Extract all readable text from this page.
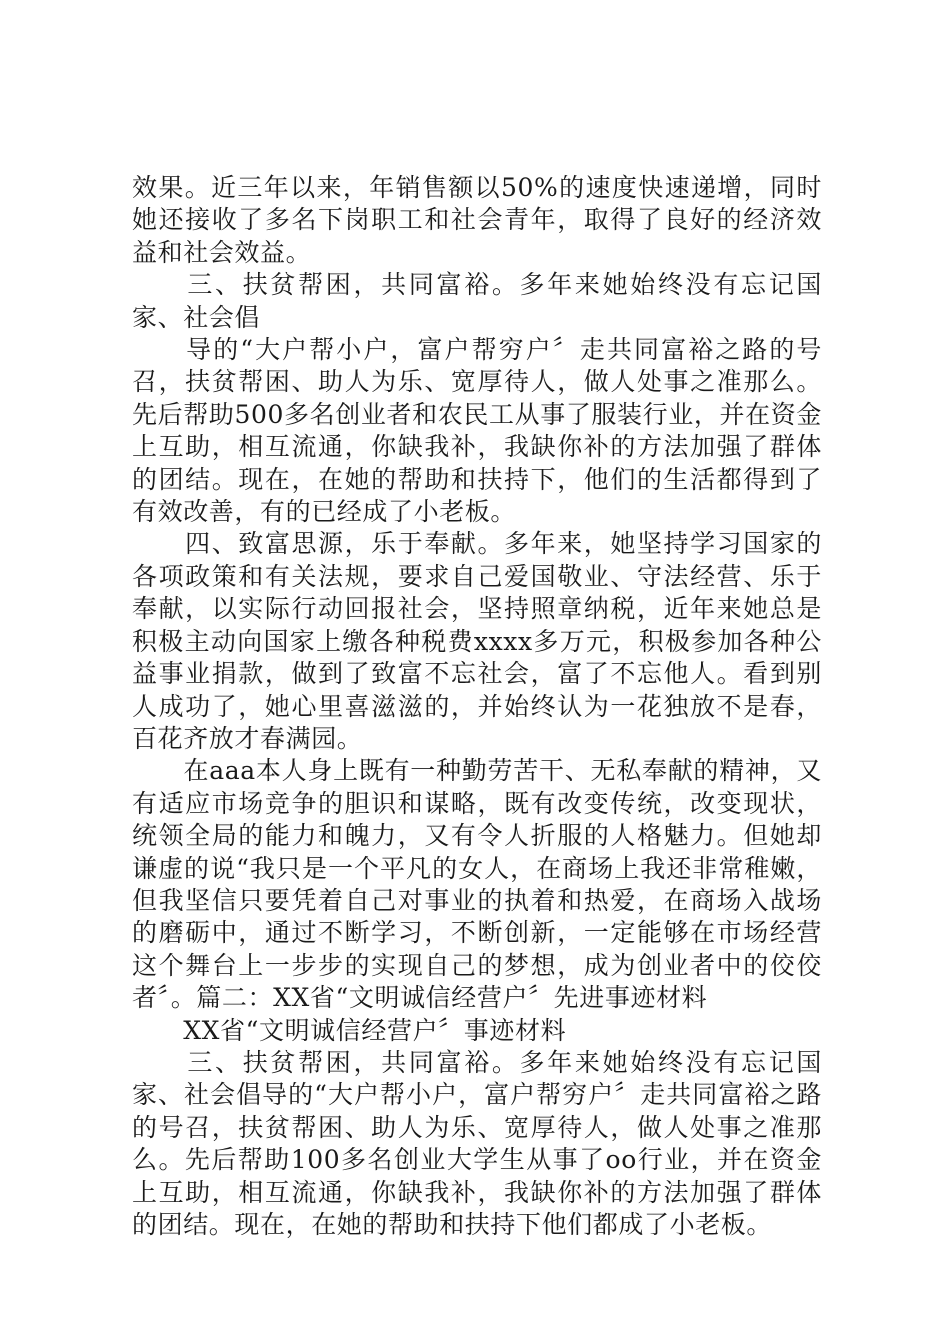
效果。近三年以来，年销售额以50%的速度快速递增，同时她还接收了多名下岗职工和社会青年，取得了良好的经济效益和社会效益。

　　三、扶贫帮困，共同富裕。多年来她始终没有忘记国家、社会倡

　　导的“大户帮小户，富户帮穷户〞走共同富裕之路的号召，扶贫帮困、助人为乐、宽厚待人，做人处事之准那么。先后帮助500多名创业者和农民工从事了服装行业，并在资金上互助，相互流通，你缺我补，我缺你补的方法加强了群体的团结。现在，在她的帮助和扶持下，他们的生活都得到了有效改善，有的已经成了小老板。

　　四、致富思源，乐于奉献。多年来，她坚持学习国家的各项政策和有关法规，要求自己爱国敬业、守法经营、乐于奉献，以实际行动回报社会，坚持照章纳税，近年来她总是积极主动向国家上缴各种税费xxxx多万元，积极参加各种公益事业捐款，做到了致富不忘社会，富了不忘他人。看到别人成功了，她心里喜滋滋的，并始终认为一花独放不是春，百花齐放才春满园。

　　在aaa本人身上既有一种勤劳苦干、无私奉献的精神，又有适应市场竞争的胆识和谋略，既有改变传统，改变现状，统领全局的能力和魄力，又有令人折服的人格魅力。但她却谦虚的说“我只是一个平凡的女人，在商场上我还非常稚嫩，但我坚信只要凭着自己对事业的执着和热爱，在商场入战场的磨砺中，通过不断学习，不断创新，一定能够在市场经营这个舞台上一步步的实现自己的梦想，成为创业者中的佼佼者〞。篇二：XX省“文明诚信经营户〞先进事迹材料

　　XX省“文明诚信经营户〞事迹材料

　　三、扶贫帮困，共同富裕。多年来她始终没有忘记国家、社会倡导的“大户帮小户，富户帮穷户〞走共同富裕之路的号召，扶贫帮困、助人为乐、宽厚待人，做人处事之准那么。先后帮助100多名创业大学生从事了oo行业，并在资金上互助，相互流通，你缺我补，我缺你补的方法加强了群体的团结。现在，在她的帮助和扶持下他们都成了小老板。
